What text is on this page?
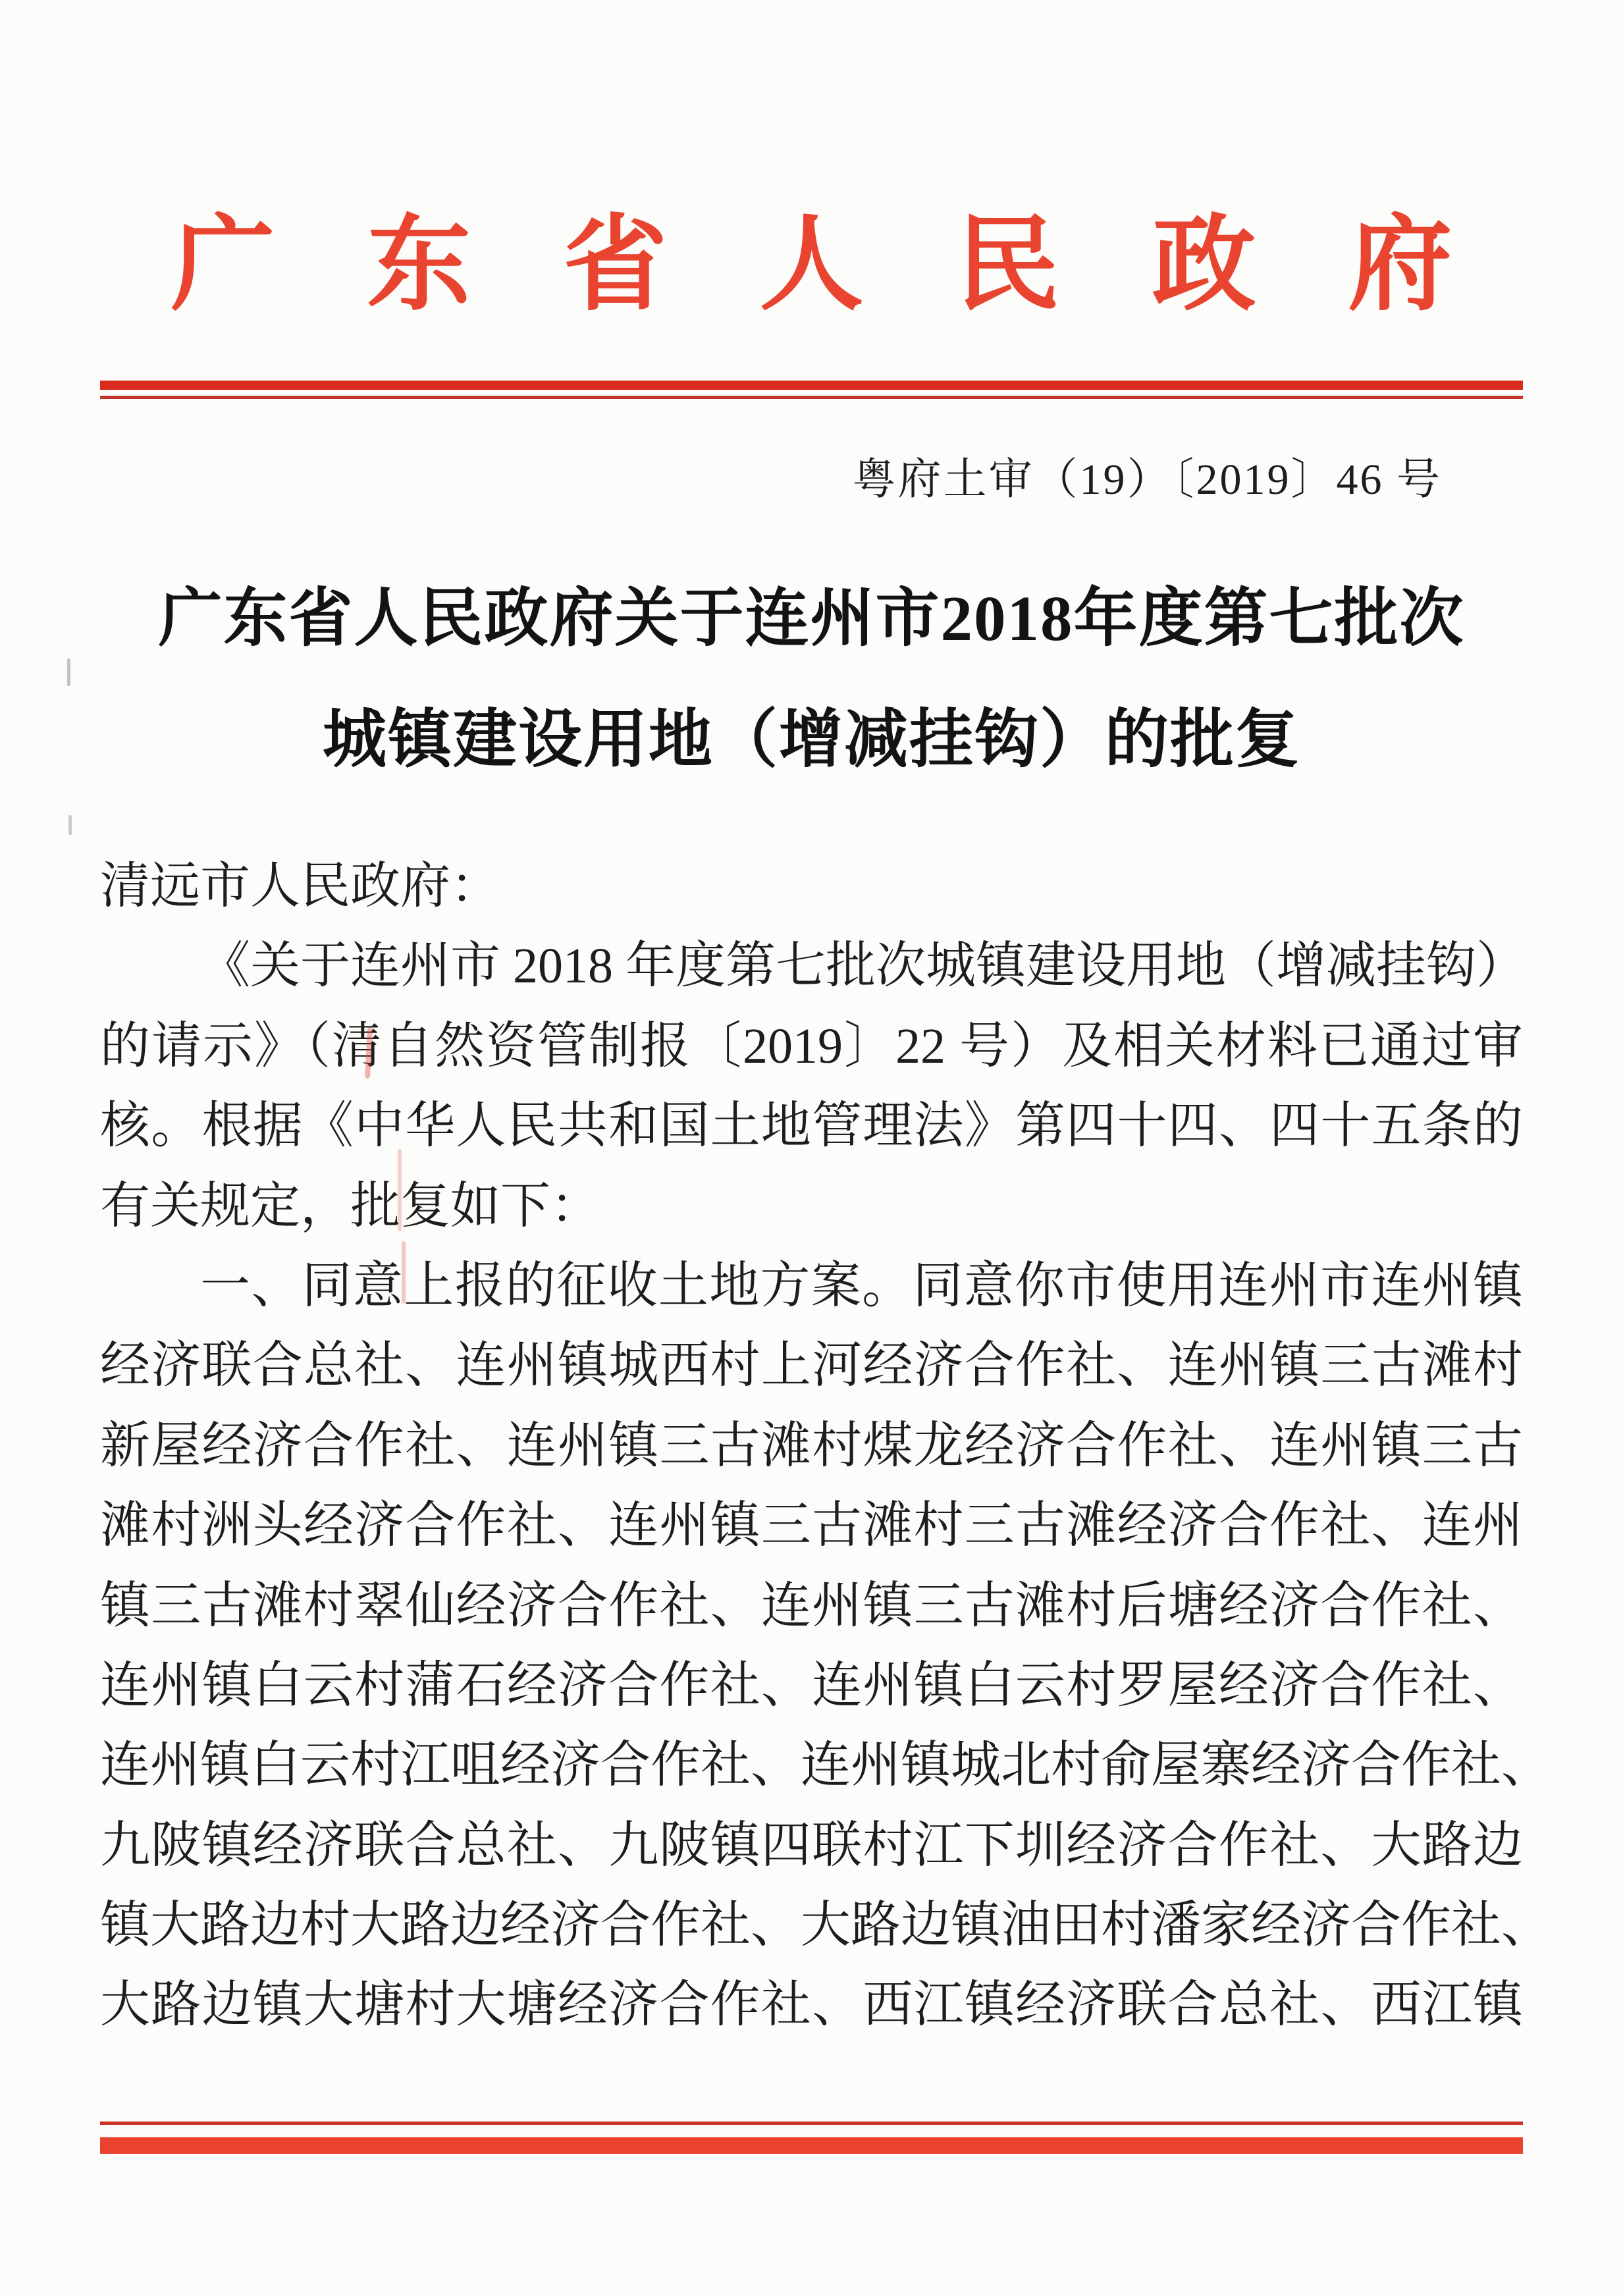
广东省人民政府
粤府土审（19）〔2019〕46 号
广东省人民政府关于连州市2018年度第七批次
城镇建设用地（增减挂钩）的批复
清远市人民政府：
《关于连州市 2018 年度第七批次城镇建设用地（增减挂钩）
的请示》（清自然资管制报〔2019〕22 号）及相关材料已通过审
核。根据《中华人民共和国土地管理法》第四十四、四十五条的
有关规定，批复如下：
一、同意上报的征收土地方案。同意你市使用连州市连州镇
经济联合总社、连州镇城西村上河经济合作社、连州镇三古滩村
新屋经济合作社、连州镇三古滩村煤龙经济合作社、连州镇三古
滩村洲头经济合作社、连州镇三古滩村三古滩经济合作社、连州
镇三古滩村翠仙经济合作社、连州镇三古滩村后塘经济合作社、
连州镇白云村蒲石经济合作社、连州镇白云村罗屋经济合作社、
连州镇白云村江咀经济合作社、连州镇城北村俞屋寨经济合作社、
九陂镇经济联合总社、九陂镇四联村江下圳经济合作社、大路边
镇大路边村大路边经济合作社、大路边镇油田村潘家经济合作社、
大路边镇大塘村大塘经济合作社、西江镇经济联合总社、西江镇
